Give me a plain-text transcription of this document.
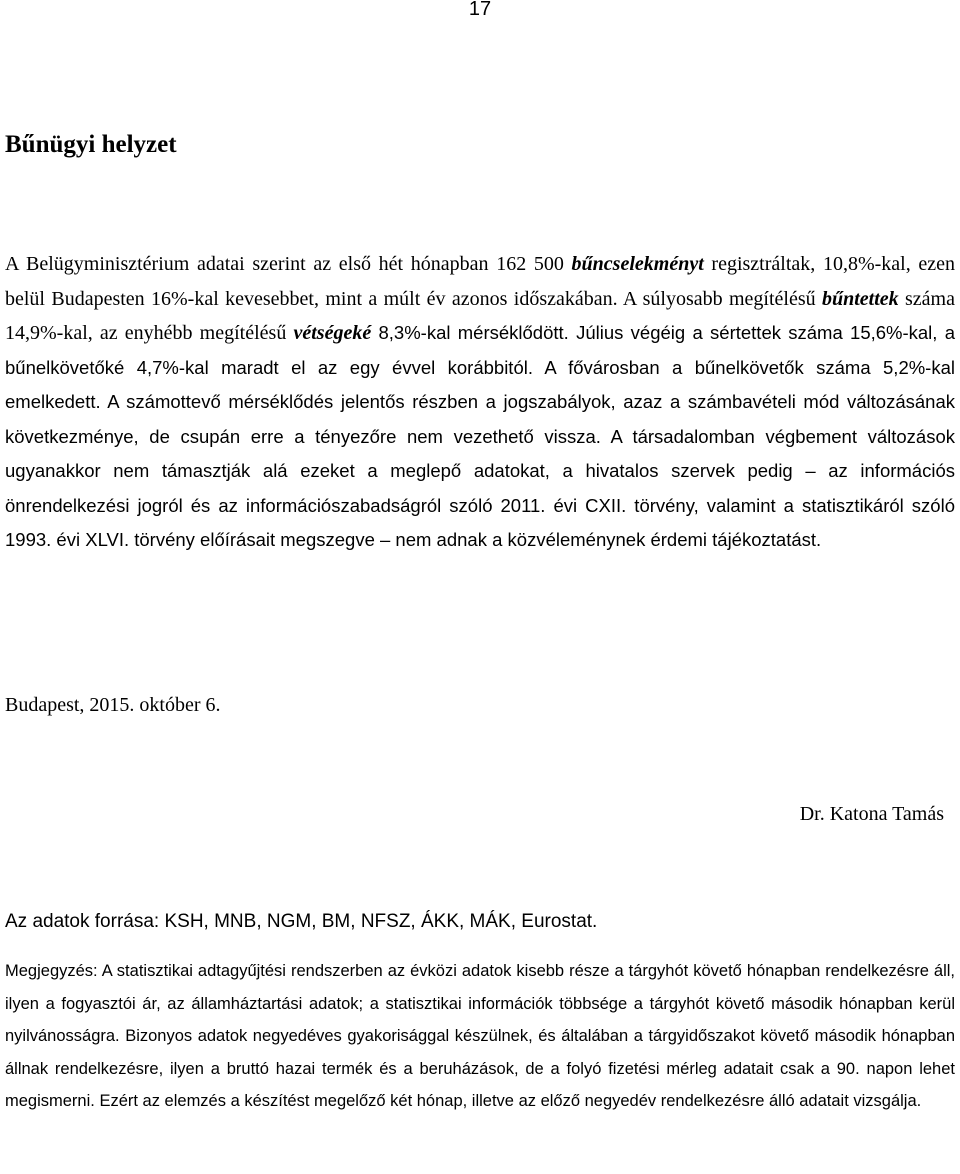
17
Bűnügyi helyzet

A Belügyminisztérium adatai szerint az első hét hónapban 162 500 bűncselekményt regisztráltak, 10,8%-kal, ezen belül Budapesten 16%-kal kevesebbet, mint a múlt év azonos időszakában. A súlyosabb megítélésű bűntettek száma 14,9%-kal, az enyhébb megítélésű vétségeké 8,3%-kal mérséklődött. Július végéig a sértettek száma 15,6%-kal, a bűnelkövetőké 4,7%-kal maradt el az egy évvel korábbitól. A fővárosban a bűnelkövetők száma 5,2%-kal emelkedett. A számottevő mérséklődés jelentős részben a jogszabályok, azaz a számbavételi mód változásának következménye, de csupán erre a tényezőre nem vezethető vissza. A társadalomban végbement változások ugyanakkor nem támasztják alá ezeket a meglepő adatokat, a hivatalos szervek pedig – az információs önrendelkezési jogról és az információszabadságról szóló 2011. évi CXII. törvény, valamint a statisztikáról szóló 1993. évi XLVI. törvény előírásait megszegve – nem adnak a közvéleménynek érdemi tájékoztatást.

Budapest, 2015. október 6.

Dr. Katona Tamás

Az adatok forrása: KSH, MNB, NGM, BM, NFSZ, ÁKK, MÁK, Eurostat.

Megjegyzés: A statisztikai adtagyűjtési rendszerben az évközi adatok kisebb része a tárgyhót követő hónapban rendelkezésre áll, ilyen a fogyasztói ár, az államháztartási adatok; a statisztikai információk többsége a tárgyhót követő második hónapban kerül nyilvánosságra. Bizonyos adatok negyedéves gyakorisággal készülnek, és általában a tárgyidőszakot követő második hónapban állnak rendelkezésre, ilyen a bruttó hazai termék és a beruházások, de a folyó fizetési mérleg adatait csak a 90. napon lehet megismerni. Ezért az elemzés a készítést megelőző két hónap, illetve az előző negyedév rendelkezésre álló adatait vizsgálja.
